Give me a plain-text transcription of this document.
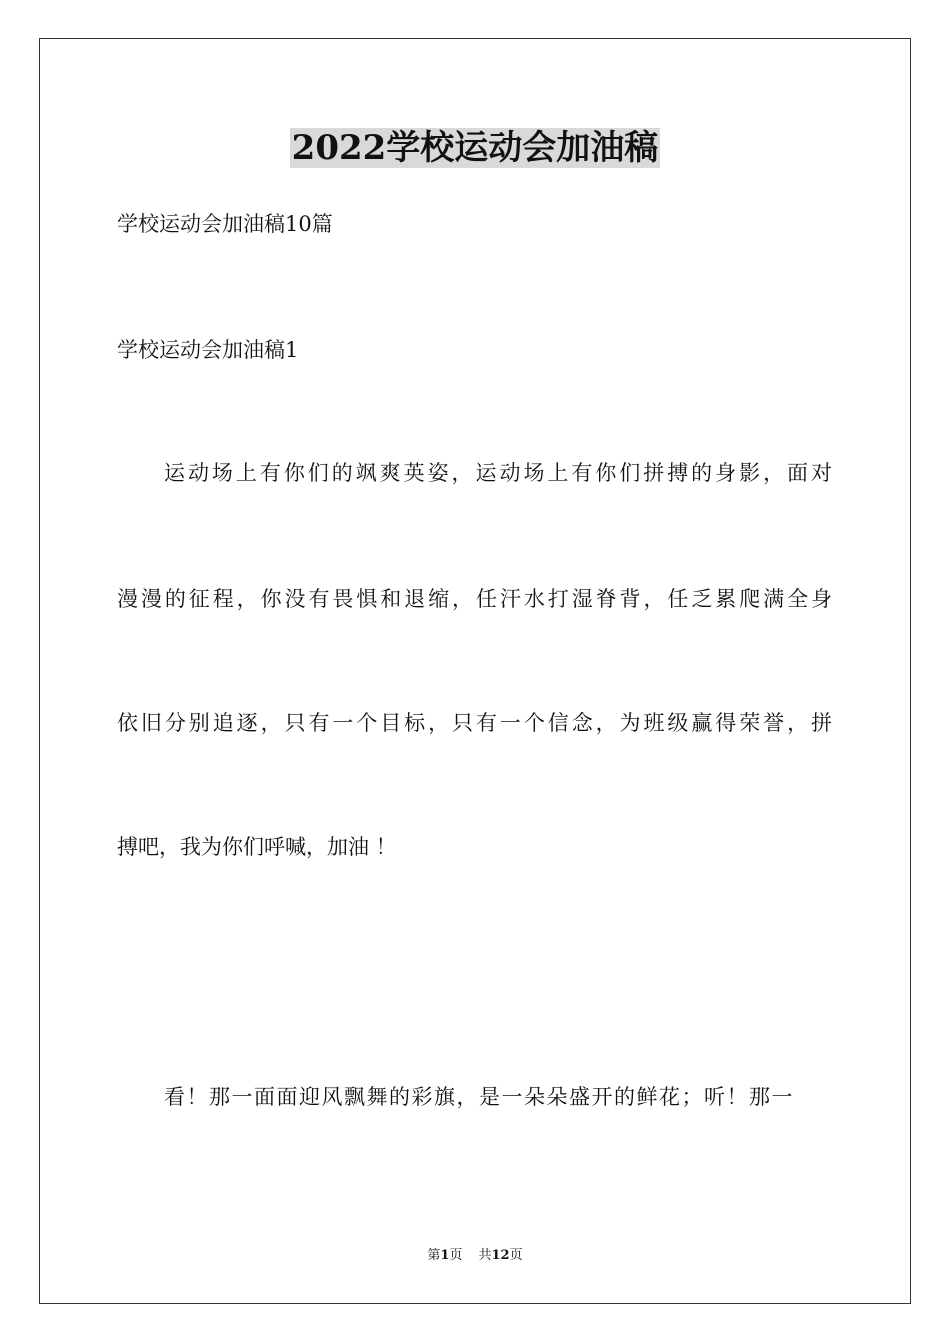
2022学校运动会加油稿
学校运动会加油稿10篇
学校运动会加油稿1
运动场上有你们的飒爽英姿，运动场上有你们拼搏的身影，面对
漫漫的征程，你没有畏惧和退缩，任汗水打湿脊背，任乏累爬满全身
依旧分别追逐，只有一个目标，只有一个信念，为班级赢得荣誉，拼
搏吧，我为你们呼喊，加油 ！
看！那一面面迎风飘舞的彩旗，是一朵朵盛开的鲜花；听！那一
第1页 共12页
